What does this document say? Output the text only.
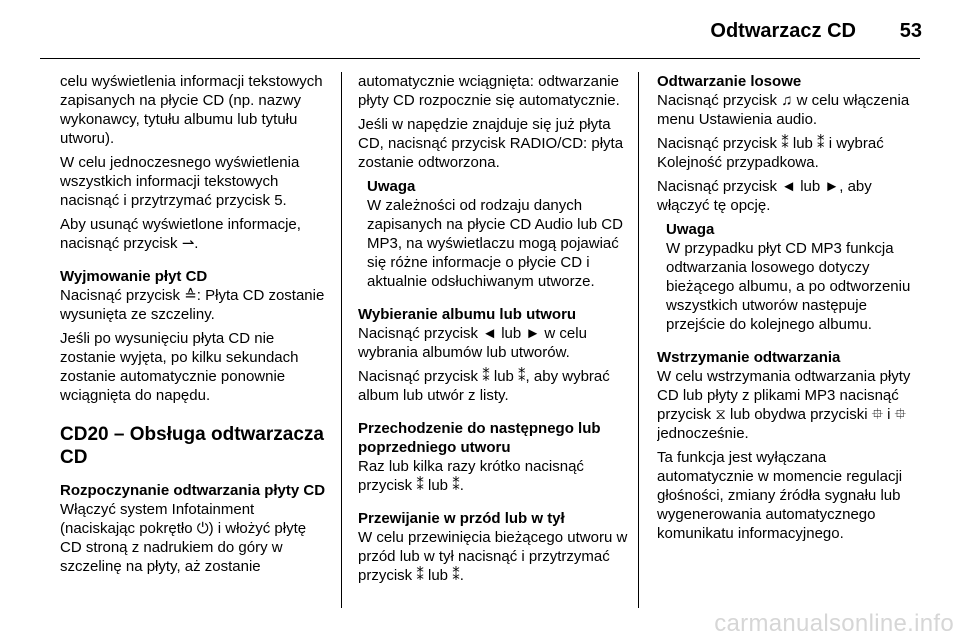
Odtwarzacz CD 53

celu wyświetlenia informacji tekstowych zapisanych na płycie CD (np. nazwy wykonawcy, tytułu albumu lub tytułu utworu).

W celu jednoczesnego wyświetlenia wszystkich informacji tekstowych nacisnąć i przytrzymać przycisk 5.

Aby usunąć wyświetlone informacje, nacisnąć przycisk ⇀.

Wyjmowanie płyt CD

Nacisnąć przycisk ≙: Płyta CD zostanie wysunięta ze szczeliny.

Jeśli po wysunięciu płyta CD nie zostanie wyjęta, po kilku sekundach zostanie automatycznie ponownie wciągnięta do napędu.

CD20 – Obsługa odtwarzacza CD

Rozpoczynanie odtwarzania płyty CD

Włączyć system Infotainment (naciskając pokrętło ⏻) i włożyć płytę CD stroną z nadrukiem do góry w szczelinę na płyty, aż zostanie

automatycznie wciągnięta: odtwarzanie płyty CD rozpocznie się automatycznie.

Jeśli w napędzie znajduje się już płyta CD, nacisnąć przycisk RADIO/CD: płyta zostanie odtworzona.

Uwaga
W zależności od rodzaju danych zapisanych na płycie CD Audio lub CD MP3, na wyświetlaczu mogą pojawiać się różne informacje o płycie CD i aktualnie odsłuchiwanym utworze.

Wybieranie albumu lub utworu

Nacisnąć przycisk ◄ lub ► w celu wybrania albumów lub utworów.

Nacisnąć przycisk ⁑ lub ⁑, aby wybrać album lub utwór z listy.

Przechodzenie do następnego lub poprzedniego utworu

Raz lub kilka razy krótko nacisnąć przycisk ⁑ lub ⁑.

Przewijanie w przód lub w tył

W celu przewinięcia bieżącego utworu w przód lub w tył nacisnąć i przytrzymać przycisk ⁑ lub ⁑.

Odtwarzanie losowe

Nacisnąć przycisk ♫ w celu włączenia menu Ustawienia audio.

Nacisnąć przycisk ⁑ lub ⁑ i wybrać Kolejność przypadkowa.

Nacisnąć przycisk ◄ lub ►, aby włączyć tę opcję.

Uwaga
W przypadku płyt CD MP3 funkcja odtwarzania losowego dotyczy bieżącego albumu, a po odtworzeniu wszystkich utworów następuje przejście do kolejnego albumu.

Wstrzymanie odtwarzania

W celu wstrzymania odtwarzania płyty CD lub płyty z plikami MP3 nacisnąć przycisk ⧖ lub obydwa przyciski ⯐ i ⯐ jednocześnie.

Ta funkcja jest wyłączana automatycznie w momencie regulacji głośności, zmiany źródła sygnału lub wygenerowania automatycznego komunikatu informacyjnego.

carmanualsonline.info
